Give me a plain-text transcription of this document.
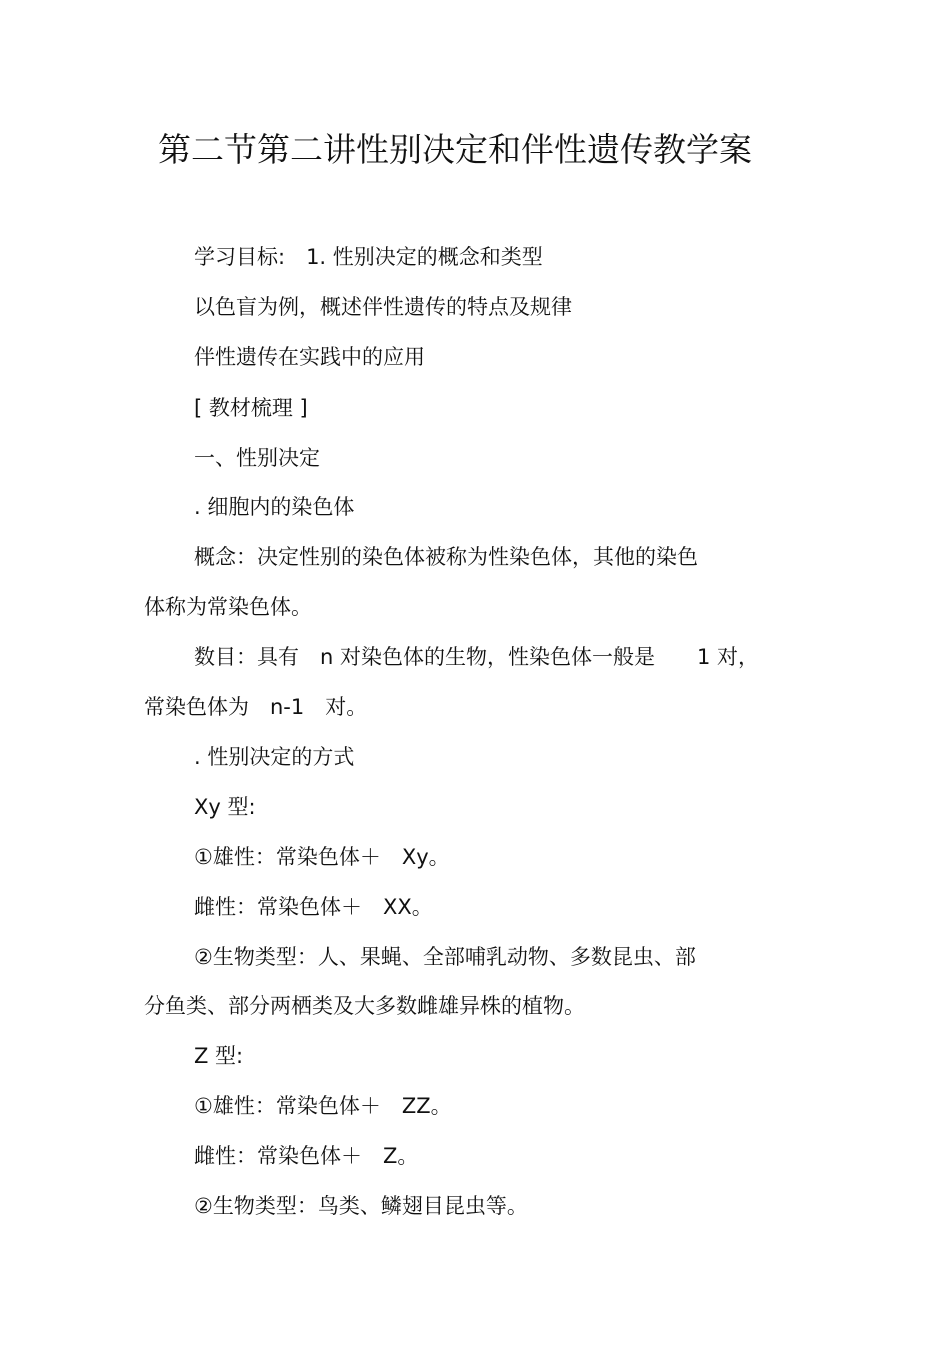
第二节第二讲性别决定和伴性遗传教学案
学习目标:　1. 性别决定的概念和类型
以色盲为例，概述伴性遗传的特点及规律
伴性遗传在实践中的应用
[ 教材梳理 ]
一、性别决定
. 细胞内的染色体
概念：决定性别的染色体被称为性染色体，其他的染色
体称为常染色体。
数目：具有　n 对染色体的生物，性染色体一般是　　1 对，
常染色体为　n-1　对。
. 性别决定的方式
Xy 型:
①雄性：常染色体＋　Xy。
雌性：常染色体＋　XX。
②生物类型：人、果蝇、全部哺乳动物、多数昆虫、部
分鱼类、部分两栖类及大多数雌雄异株的植物。
Z 型:
①雄性：常染色体＋　ZZ。
雌性：常染色体＋　Z。
②生物类型：鸟类、鳞翅目昆虫等。
